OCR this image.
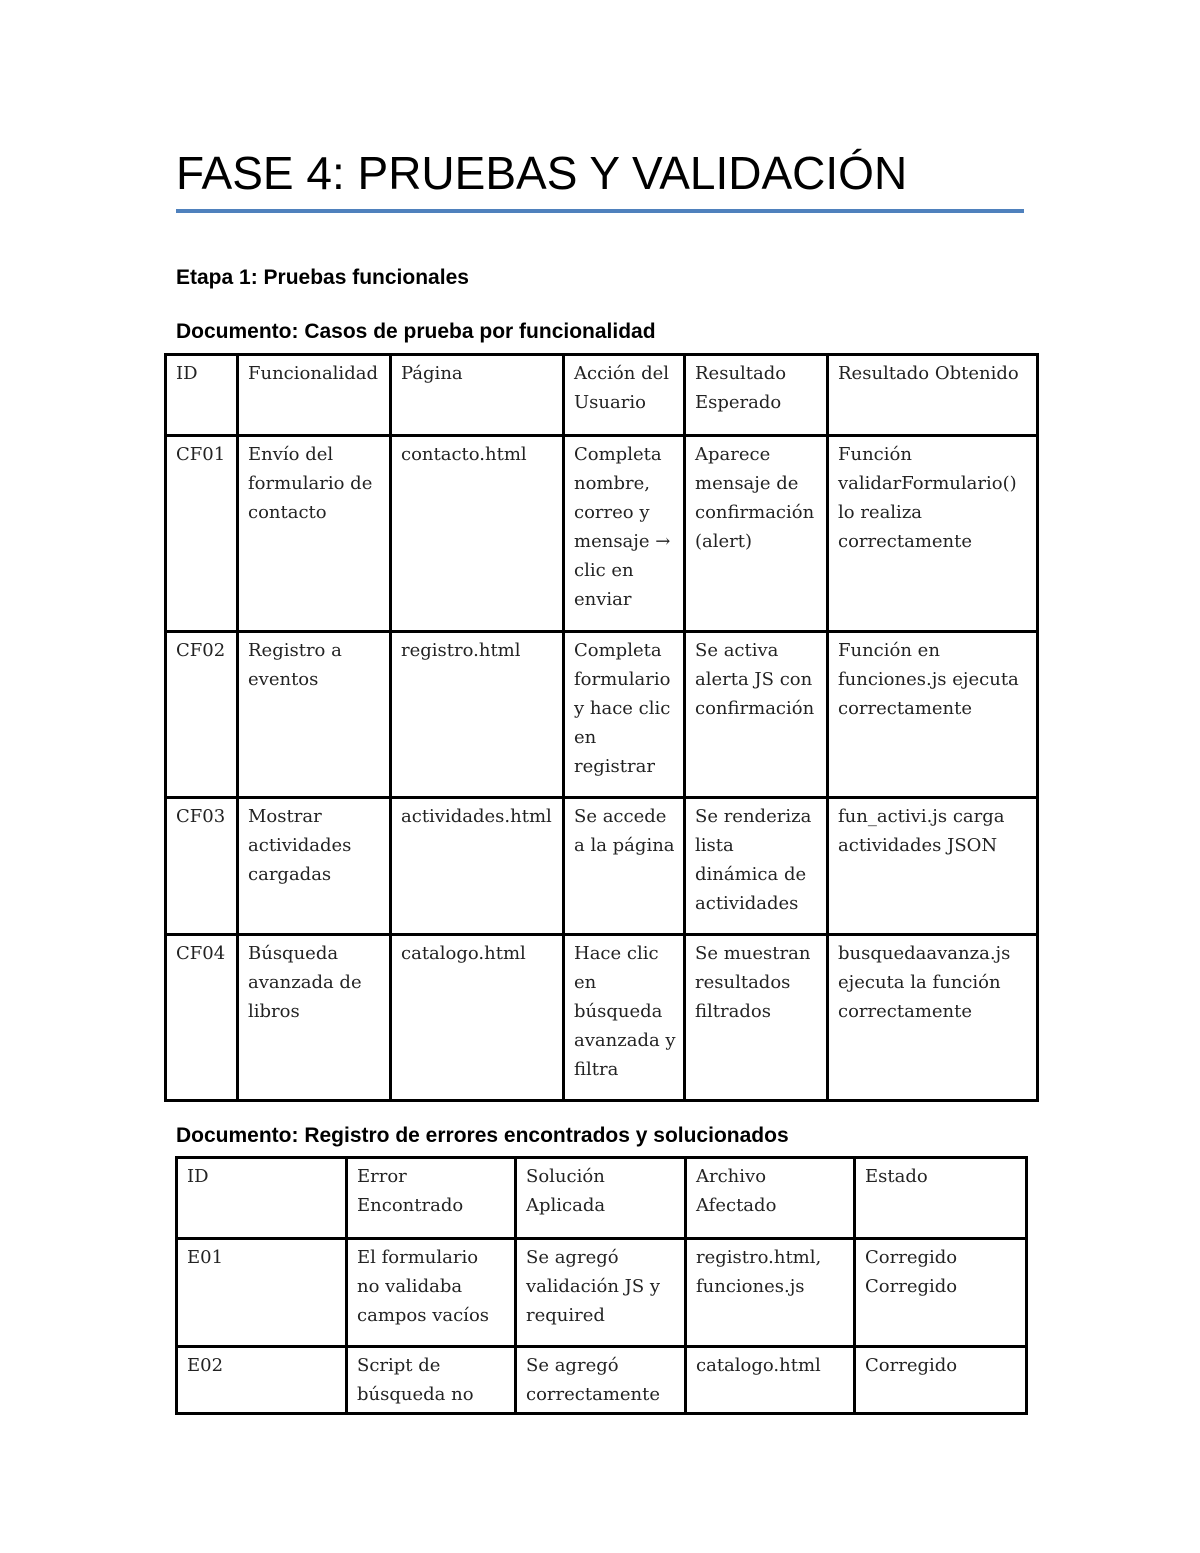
FASE 4: PRUEBAS Y VALIDACIÓN
Etapa 1: Pruebas funcionales
Documento: Casos de prueba por funcionalidad
ID	Funcionalidad	Página	Acción del Usuario	Resultado Esperado	Resultado Obtenido
CF01	Envío del formulario de contacto	contacto.html	Completa nombre, correo y mensaje → clic en enviar	Aparece mensaje de confirmación (alert)	Función validarFormulario() lo realiza correctamente
CF02	Registro a eventos	registro.html	Completa formulario y hace clic en registrar	Se activa alerta JS con confirmación	Función en funciones.js ejecuta correctamente
CF03	Mostrar actividades cargadas	actividades.html	Se accede a la página	Se renderiza lista dinámica de actividades	fun_activi.js carga actividades JSON
CF04	Búsqueda avanzada de libros	catalogo.html	Hace clic en búsqueda avanzada y filtra	Se muestran resultados filtrados	busquedaavanza.js ejecuta la función correctamente
Documento: Registro de errores encontrados y solucionados
ID	Error Encontrado	Solución Aplicada	Archivo Afectado	Estado
E01	El formulario no validaba campos vacíos	Se agregó validación JS y required	registro.html, funciones.js	Corregido Corregido
E02	Script de búsqueda no	Se agregó correctamente	catalogo.html	Corregido
